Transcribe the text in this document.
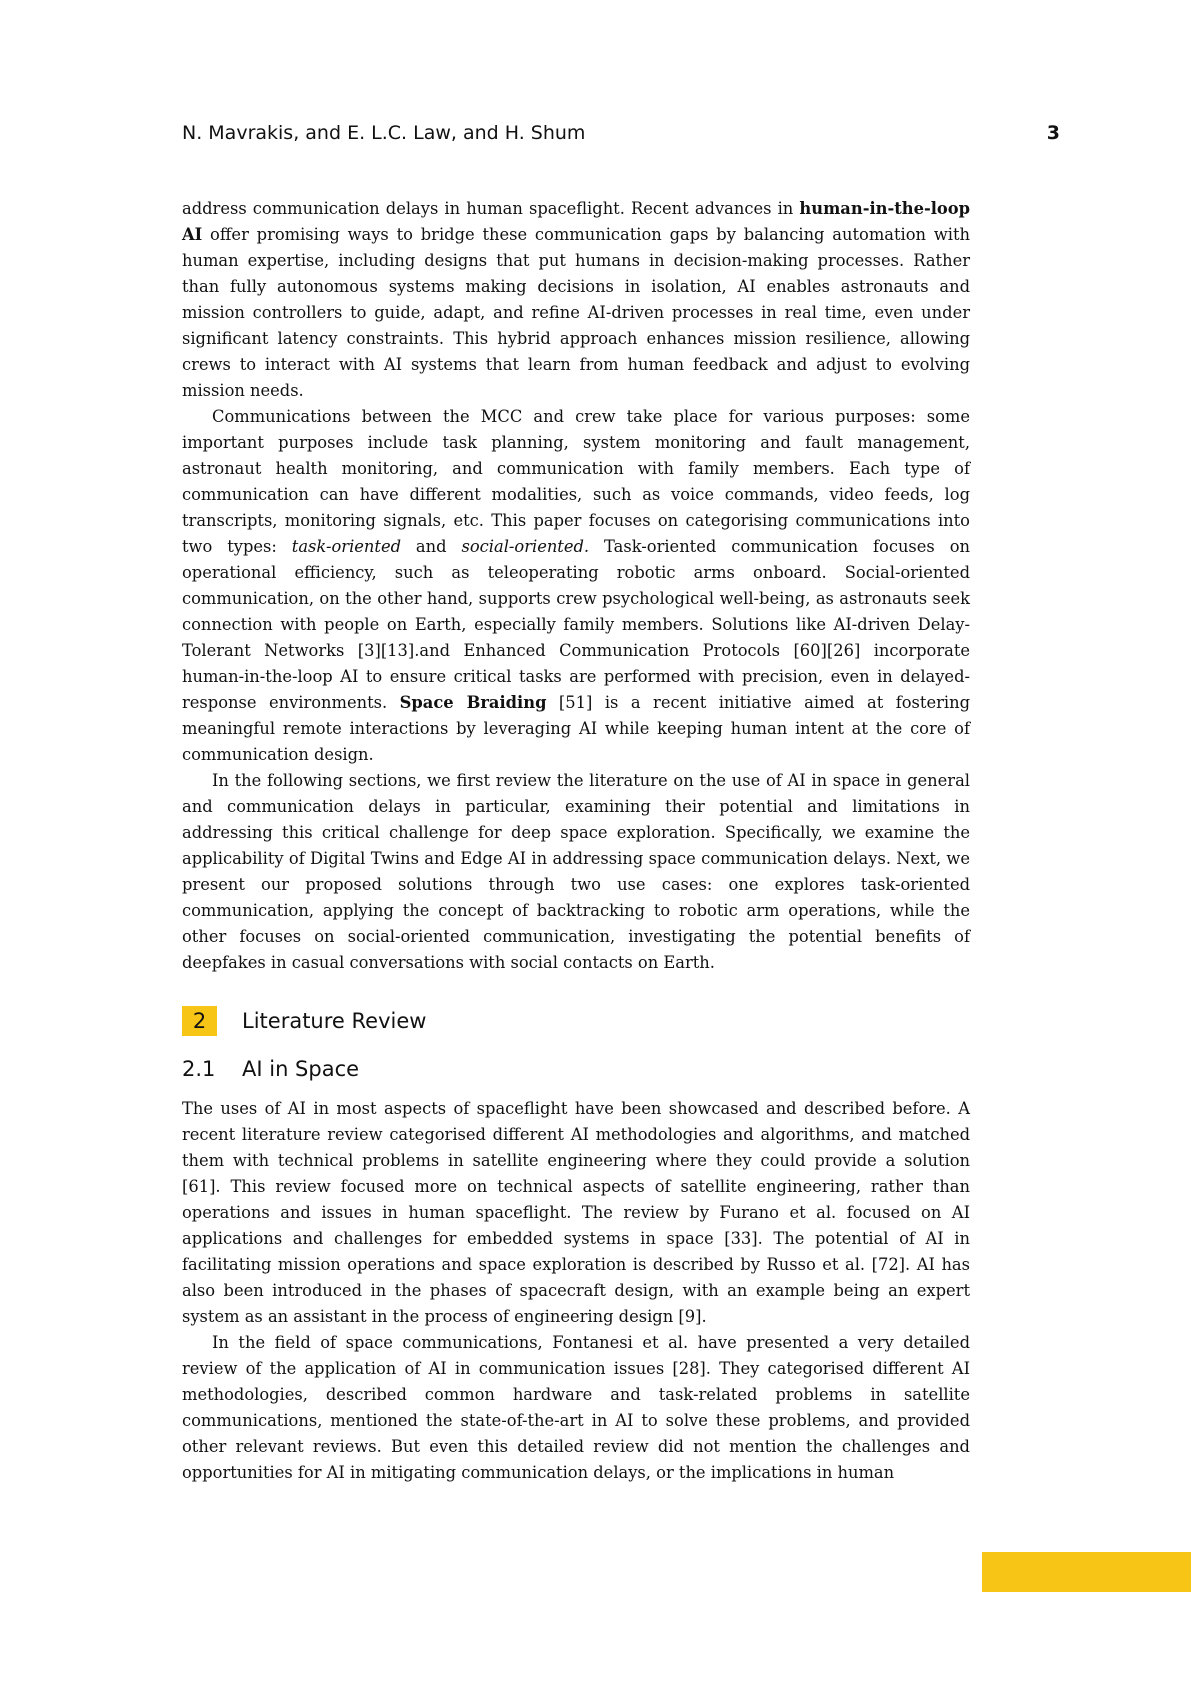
N. Mavrakis, and E. L.C. Law, and H. Shum	3

address communication delays in human spaceflight. Recent advances in human-in-the-loop AI offer promising ways to bridge these communication gaps by balancing automation with human expertise, including designs that put humans in decision-making processes. Rather than fully autonomous systems making decisions in isolation, AI enables astronauts and mission controllers to guide, adapt, and refine AI-driven processes in real time, even under significant latency constraints. This hybrid approach enhances mission resilience, allowing crews to interact with AI systems that learn from human feedback and adjust to evolving mission needs.

Communications between the MCC and crew take place for various purposes: some important purposes include task planning, system monitoring and fault management, astronaut health monitoring, and communication with family members. Each type of communication can have different modalities, such as voice commands, video feeds, log transcripts, monitoring signals, etc. This paper focuses on categorising communications into two types: task-oriented and social-oriented. Task-oriented communication focuses on operational efficiency, such as teleoperating robotic arms onboard. Social-oriented communication, on the other hand, supports crew psychological well-being, as astronauts seek connection with people on Earth, especially family members. Solutions like AI-driven Delay-Tolerant Networks [3][13].and Enhanced Communication Protocols [60][26] incorporate human-in-the-loop AI to ensure critical tasks are performed with precision, even in delayed-response environments. Space Braiding [51] is a recent initiative aimed at fostering meaningful remote interactions by leveraging AI while keeping human intent at the core of communication design.

In the following sections, we first review the literature on the use of AI in space in general and communication delays in particular, examining their potential and limitations in addressing this critical challenge for deep space exploration. Specifically, we examine the applicability of Digital Twins and Edge AI in addressing space communication delays. Next, we present our proposed solutions through two use cases: one explores task-oriented communication, applying the concept of backtracking to robotic arm operations, while the other focuses on social-oriented communication, investigating the potential benefits of deepfakes in casual conversations with social contacts on Earth.

2	Literature Review
2.1 AI in Space

The uses of AI in most aspects of spaceflight have been showcased and described before. A recent literature review categorised different AI methodologies and algorithms, and matched them with technical problems in satellite engineering where they could provide a solution [61]. This review focused more on technical aspects of satellite engineering, rather than operations and issues in human spaceflight. The review by Furano et al. focused on AI applications and challenges for embedded systems in space [33]. The potential of AI in facilitating mission operations and space exploration is described by Russo et al. [72]. AI has also been introduced in the phases of spacecraft design, with an example being an expert system as an assistant in the process of engineering design [9].

In the field of space communications, Fontanesi et al. have presented a very detailed review of the application of AI in communication issues [28]. They categorised different AI methodologies, described common hardware and task-related problems in satellite communications, mentioned the state-of-the-art in AI to solve these problems, and provided other relevant reviews. But even this detailed review did not mention the challenges and opportunities for AI in mitigating communication delays, or the implications in human
